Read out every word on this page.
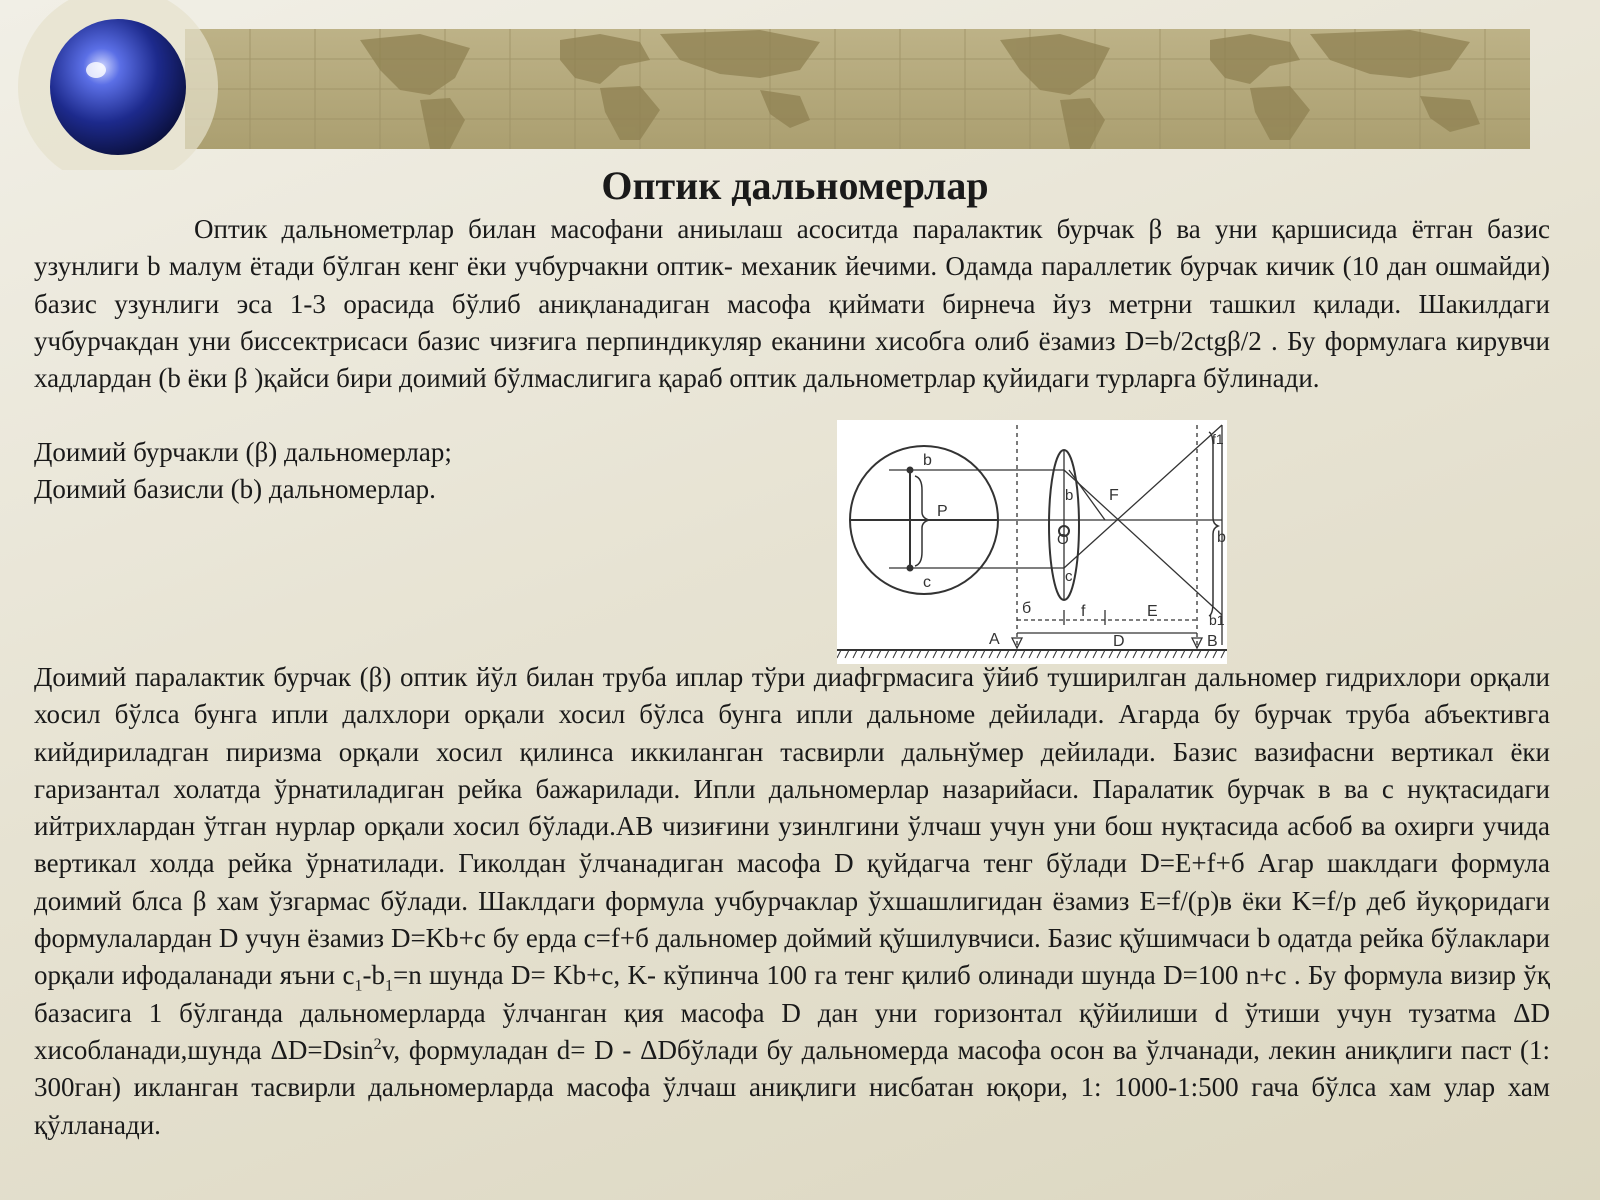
Оптик дальномерлар

Оптик дальнометрлар билан масофани аниылаш асоситда паралактик бурчак β ва уни қаршисида ётган базис узунлиги b малум ётади бўлган кенг ёки учбурчакни оптик- механик йечими. Одамда параллетик бурчак кичик (10 дан ошмайди) базис узунлиги эса 1-3 орасида бўлиб аниқланадиган масофа қиймати бирнеча йуз метрни ташкил қилади. Шакилдаги учбурчакдан уни биссектрисаси базис чизғига перпиндикуляр еканини хисобга олиб ёзамиз D=b/2ctgβ/2 . Бу формулага кирувчи хадлардан (b ёки β )қайси бири доимий бўлмаслигига қараб оптик дальнометрлар қуйидаги турларга бўлинади.

Доимий бурчакли (β) дальномерлар;

Доимий базисли (b) дальномерлар.

b
P
c
b
O
c
F
f1
b
b1
б	f	E
A	D	B

Доимий паралактик бурчак (β) оптик йўл билан труба иплар тўри диафгрмасига ўйиб туширилган дальномер гидрихлори орқали хосил бўлса бунга ипли далхлори орқали хосил бўлса бунга ипли дальноме дейилади. Агарда бу бурчак труба абъективга кийдириладган пиризма орқали хосил қилинса иккиланган тасвирли дальнўмер дейилади. Базис вазифасни вертикал ёки гаризантал холатда ўрнатиладиган рейка бажарилади. Ипли дальномерлар назарийаси. Паралатик бурчак в ва с нуқтасидаги ийтрихлардан ўтган нурлар орқали хосил бўлади.АВ чизиғини узинлгини ўлчаш учун уни бош нуқтасида асбоб ва охирги учида вертикал холда рейка ўрнатилади. Гиколдан ўлчанадиган масофа D қуйдагча тенг бўлади D=E+f+б Агар шаклдаги формула доимий блса β хам ўзгармас бўлади. Шаклдаги формула учбурчаклар ўхшашлигидан ёзамиз E=f/(p)в ёки K=f/p деб йуқоридаги формулалардан D учун ёзамиз D=Kb+c бу ерда c=f+б дальномер доймий қўшилувчиси. Базис қўшимчаси b одатда рейка бўлаклари орқали ифодаланади яъни $c_1-b_1=n$ шунда D= Kb+c, K- кўпинча 100 га тенг қилиб олинади шунда D=100 n+c . Бу формула визир ўқ базасига 1 бўлганда дальномерларда ўлчанган қия масофа D дан уни горизонтал қўйилиши d ўтиши учун тузатма ΔD хисобланади,шунда ΔD=Dsin$^2$v, формуладан d= D - ΔDбўлади бу дальномерда масофа осон ва ўлчанади, лекин аниқлиги паст (1: 300ган) икланган тасвирли дальномерларда масофа ўлчаш аниқлиги нисбатан юқори, 1: 1000-1:500 гача бўлса хам улар хам қўлланади.
